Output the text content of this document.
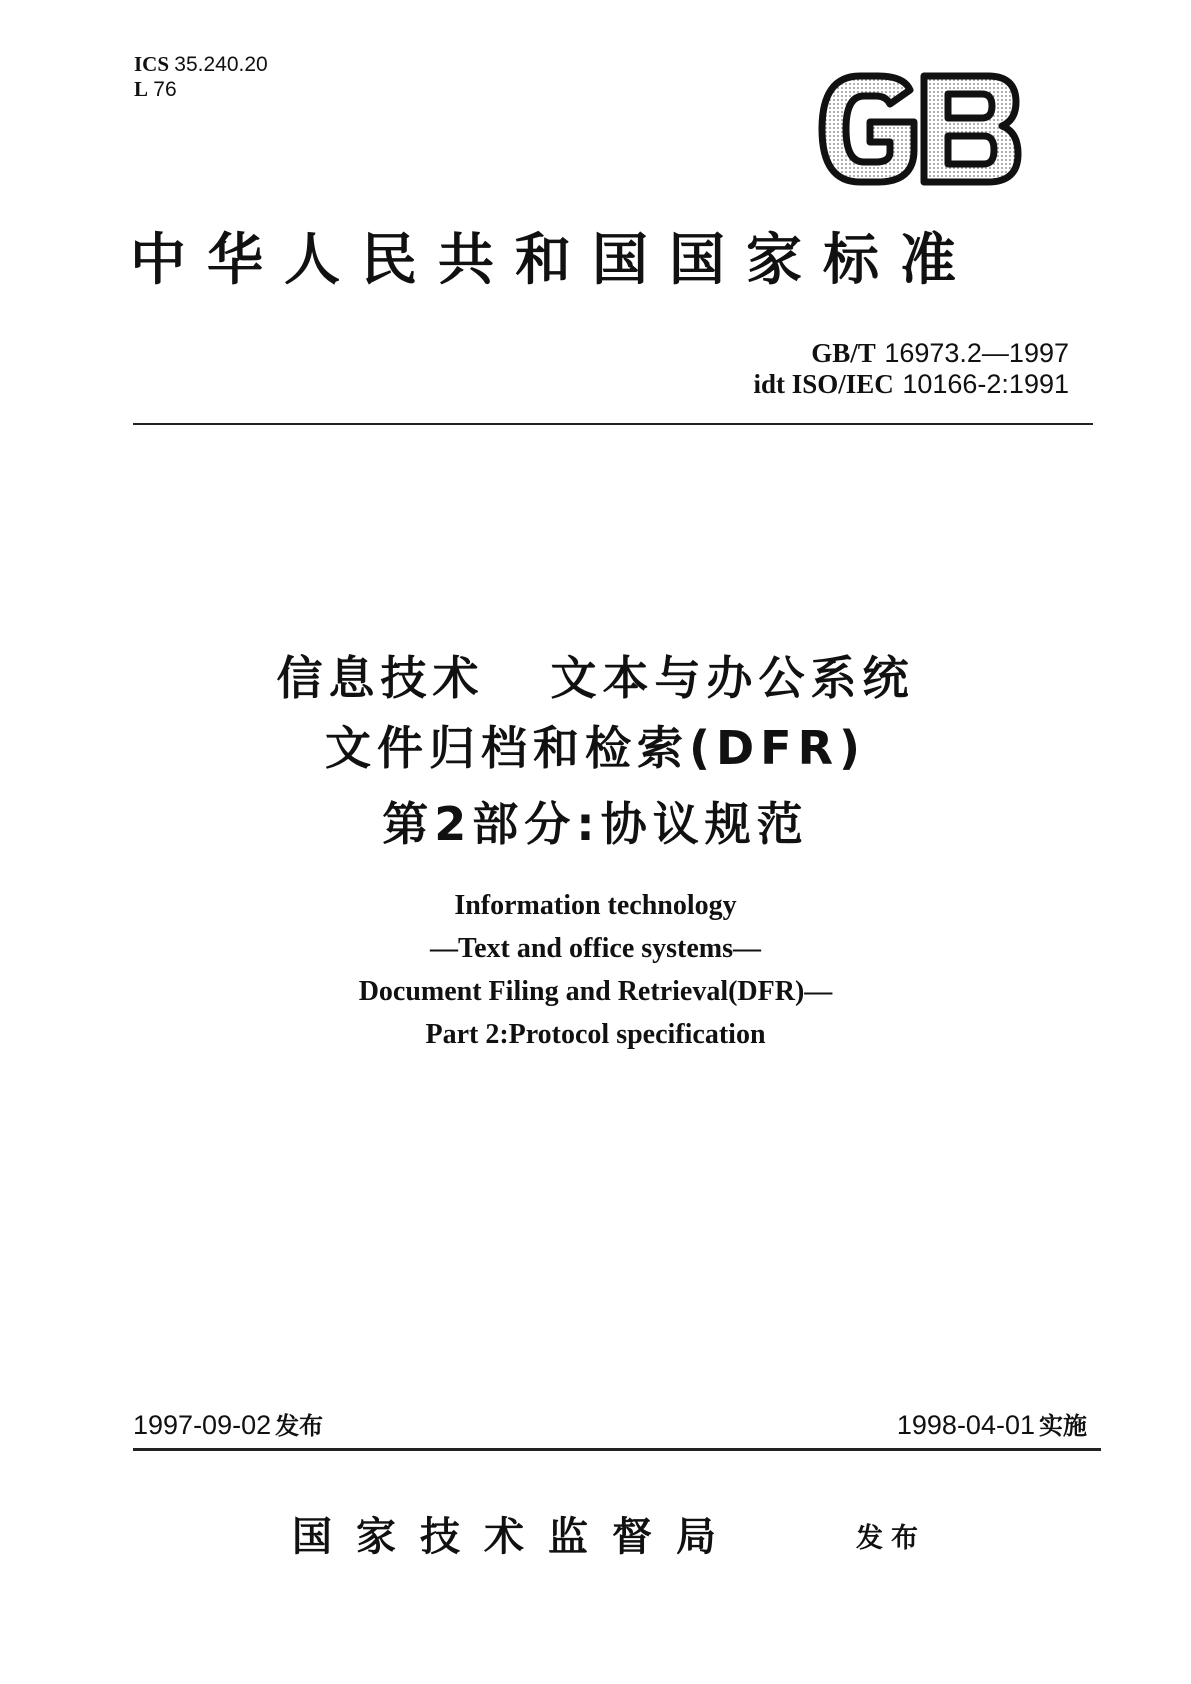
ICS 35.240.20
L 76
中华人民共和国国家标准
GB/T 16973.2—1997
idt ISO/IEC 10166-2:1991
信息技术   文本与办公系统
文件归档和检索(DFR)
第2部分:协议规范
Information technology
—Text and office systems—
Document Filing and Retrieval(DFR)—
Part 2:Protocol specification
1997-09-02 发布	1998-04-01 实施
国家技术监督局	发布
